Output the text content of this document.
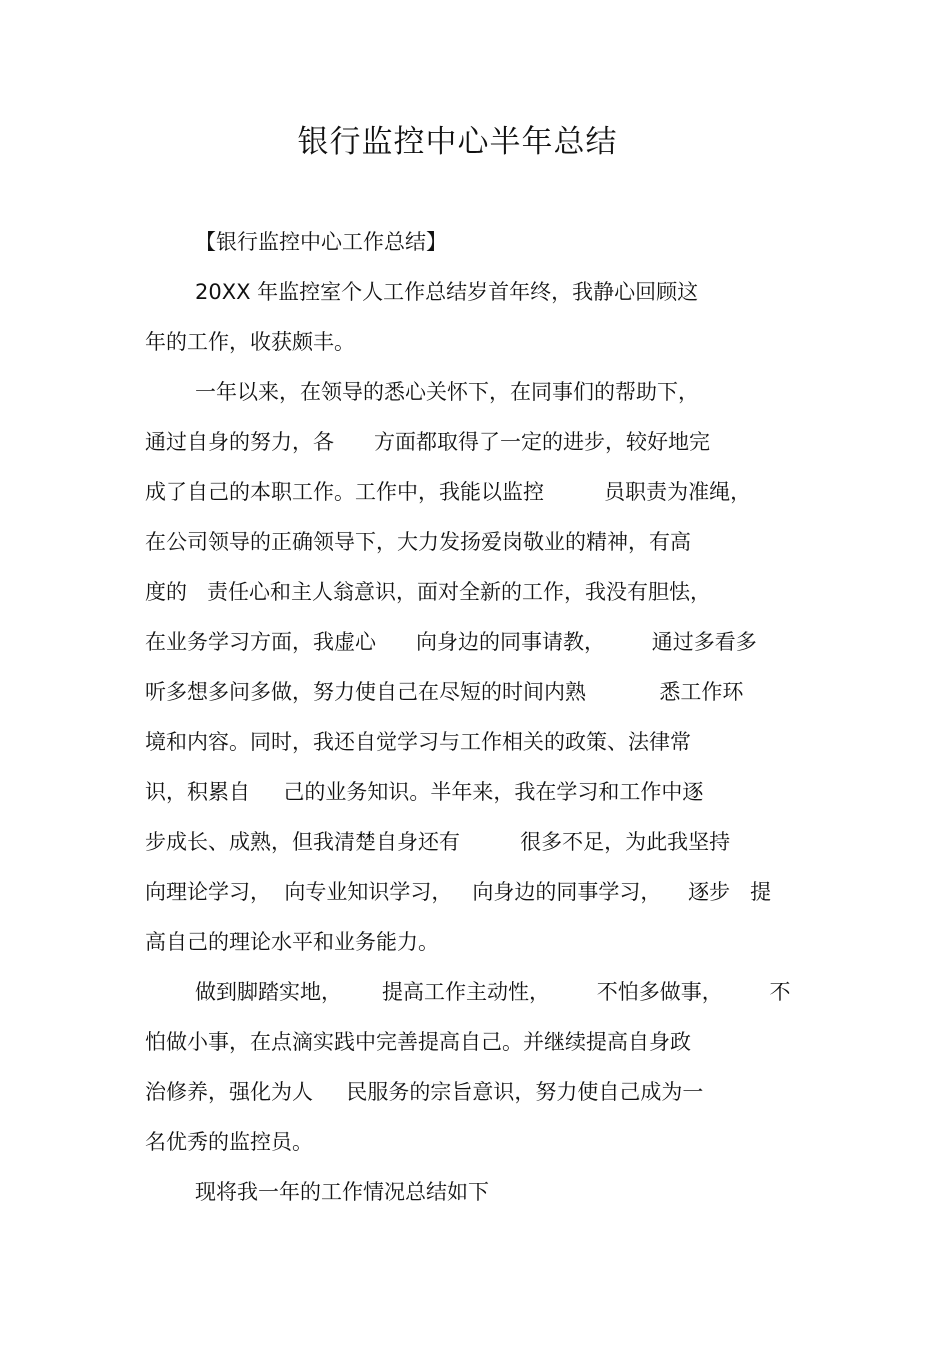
银行监控中心半年总结
【银行监控中心工作总结】
20XX 年监控室个人工作总结岁首年终，我静心回顾这
年的工作，收获颇丰。
一年以来，在领导的悉心关怀下，在同事们的帮助下，
通过自身的努力，各      方面都取得了一定的进步，较好地完
成了自己的本职工作。工作中，我能以监控         员职责为准绳，
在公司领导的正确领导下，大力发扬爱岗敬业的精神，有高
度的   责任心和主人翁意识，面对全新的工作，我没有胆怯，
在业务学习方面，我虚心      向身边的同事请教，       通过多看多
听多想多问多做，努力使自己在尽短的时间内熟           悉工作环
境和内容。同时，我还自觉学习与工作相关的政策、法律常
识，积累自     己的业务知识。半年来，我在学习和工作中逐
步成长、成熟，但我清楚自身还有         很多不足，为此我坚持
向理论学习，  向专业知识学习，   向身边的同事学习，    逐步   提
高自己的理论水平和业务能力。
做到脚踏实地，      提高工作主动性，       不怕多做事，       不
怕做小事，在点滴实践中完善提高自己。并继续提高自身政
治修养，强化为人     民服务的宗旨意识，努力使自己成为一
名优秀的监控员。
现将我一年的工作情况总结如下
